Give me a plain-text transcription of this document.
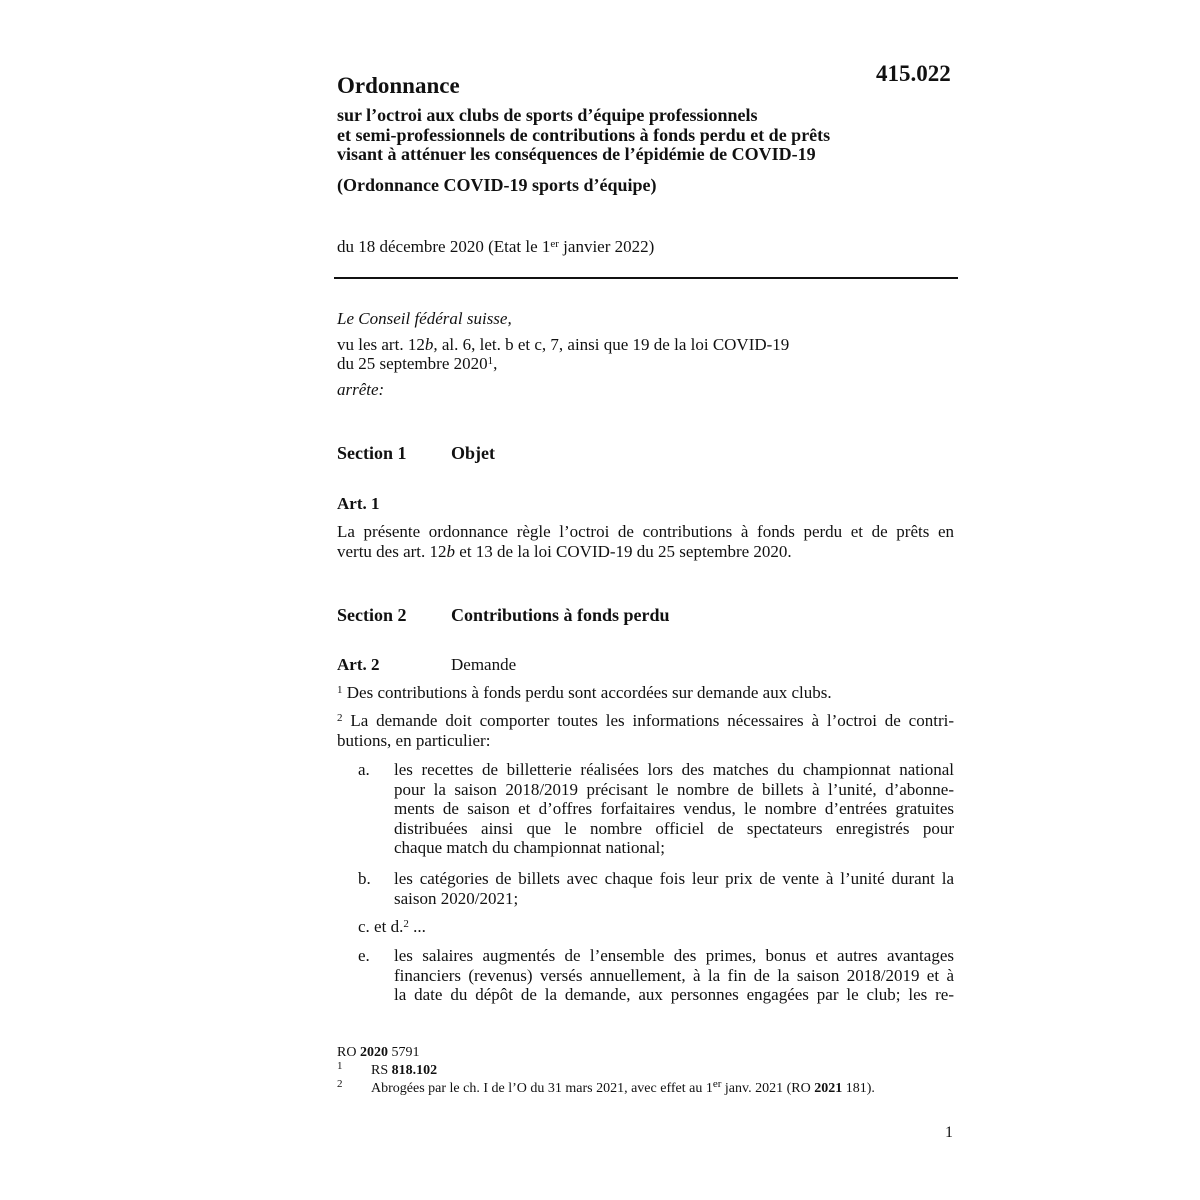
415.022
Ordonnance
sur l’octroi aux clubs de sports d’équipe professionnels
et semi-professionnels de contributions à fonds perdu et de prêts
visant à atténuer les conséquences de l’épidémie de COVID-19
(Ordonnance COVID-19 sports d’équipe)
du 18 décembre 2020 (Etat le 1er janvier 2022)
Le Conseil fédéral suisse,
vu les art. 12b, al. 6, let. b et c, 7, ainsi que 19 de la loi COVID-19
du 25 septembre 2020$^1$,
arrête:
Section 1 Objet
Art. 1
La présente ordonnance règle l’octroi de contributions à fonds perdu et de prêts en
vertu des art. 12b et 13 de la loi COVID-19 du 25 septembre 2020.
Section 2 Contributions à fonds perdu
Art. 2	Demande
$^1$ Des contributions à fonds perdu sont accordées sur demande aux clubs.
$^2$ La demande doit comporter toutes les informations nécessaires à l’octroi de contri-
butions, en particulier:
a. les recettes de billetterie réalisées lors des matches du championnat national
pour la saison 2018/2019 précisant le nombre de billets à l’unité, d’abonne-
ments de saison et d’offres forfaitaires vendus, le nombre d’entrées gratuites
distribuées ainsi que le nombre officiel de spectateurs enregistrés pour
chaque match du championnat national;
b. les catégories de billets avec chaque fois leur prix de vente à l’unité durant la
saison 2020/2021;
c. et d.$^2$ ...
e. les salaires augmentés de l’ensemble des primes, bonus et autres avantages
financiers (revenus) versés annuellement, à la fin de la saison 2018/2019 et à
la date du dépôt de la demande, aux personnes engagées par le club; les re-
RO 2020 5791
1 RS 818.102
2 Abrogées par le ch. I de l’O du 31 mars 2021, avec effet au 1er janv. 2021 (RO 2021 181).
1
